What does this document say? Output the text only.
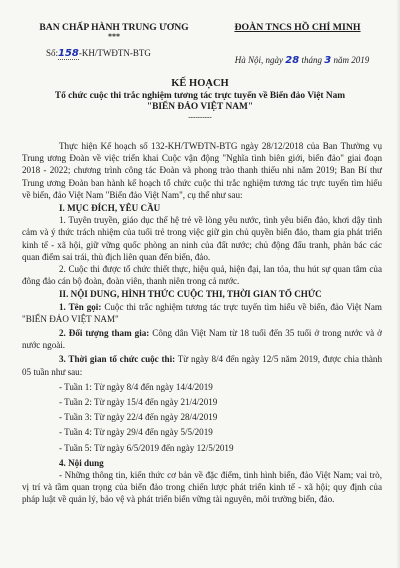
BAN CHẤP HÀNH TRUNG ƯƠNG
***
ĐOÀN TNCS HỒ CHÍ MINH
Số:158-KH/TWĐTN-BTG
Hà Nội, ngày 28 tháng 3 năm 2019
KẾ HOẠCH
Tổ chức cuộc thi trắc nghiệm tương tác trực tuyến về Biển đảo Việt Nam
"BIỂN ĐẢO VIỆT NAM"
----------

Thực hiện Kế hoạch số 132-KH/TWĐTN-BTG ngày 28/12/2018 của Ban Thường vụ Trung ương Đoàn về việc triển khai Cuộc vận động "Nghĩa tình biên giới, biển đảo" giai đoạn 2018 - 2022; chương trình công tác Đoàn và phong trào thanh thiếu nhi năm 2019; Ban Bí thư Trung ương Đoàn ban hành kế hoạch tổ chức cuộc thi trắc nghiệm tương tác trực tuyến tìm hiểu về biển, đảo Việt Nam "Biển đảo Việt Nam", cụ thể như sau:

I. MỤC ĐÍCH, YÊU CẦU

1. Tuyên truyền, giáo dục thế hệ trẻ về lòng yêu nước, tình yêu biển đảo, khơi dậy tình cảm và ý thức trách nhiệm của tuổi trẻ trong việc giữ gìn chủ quyền biển đảo, tham gia phát triển kinh tế - xã hội, giữ vững quốc phòng an ninh của đất nước; chủ động đấu tranh, phản bác các quan điểm sai trái, thù địch liên quan đến biển, đảo.

2. Cuộc thi được tổ chức thiết thực, hiệu quả, hiện đại, lan tỏa, thu hút sự quan tâm của đông đảo cán bộ đoàn, đoàn viên, thanh niên trong cả nước.

II. NỘI DUNG, HÌNH THỨC CUỘC THI, THỜI GIAN TỔ CHỨC

1. Tên gọi: Cuộc thi trắc nghiệm tương tác trực tuyến tìm hiểu về biển, đảo Việt Nam "BIỂN ĐẢO VIỆT NAM"

2. Đối tượng tham gia: Công dân Việt Nam từ 18 tuổi đến 35 tuổi ở trong nước và ở nước ngoài.

3. Thời gian tổ chức cuộc thi: Từ ngày 8/4 đến ngày 12/5 năm 2019, được chia thành 05 tuần như sau:

- Tuần 1: Từ ngày 8/4 đến ngày 14/4/2019

- Tuần 2: Từ ngày 15/4 đến ngày 21/4/2019

- Tuần 3: Từ ngày 22/4 đến ngày 28/4/2019

- Tuần 4: Từ ngày 29/4 đến ngày 5/5/2019

- Tuần 5: Từ ngày 6/5/2019 đến ngày 12/5/2019

4. Nội dung

- Những thông tin, kiến thức cơ bản về đặc điểm, tình hình biển, đảo Việt Nam; vai trò, vị trí và tầm quan trọng của biển đảo trong chiến lược phát triển kinh tế - xã hội; quy định của pháp luật về quản lý, bảo vệ và phát triển biển vững tài nguyên, môi trường biển, đảo.
